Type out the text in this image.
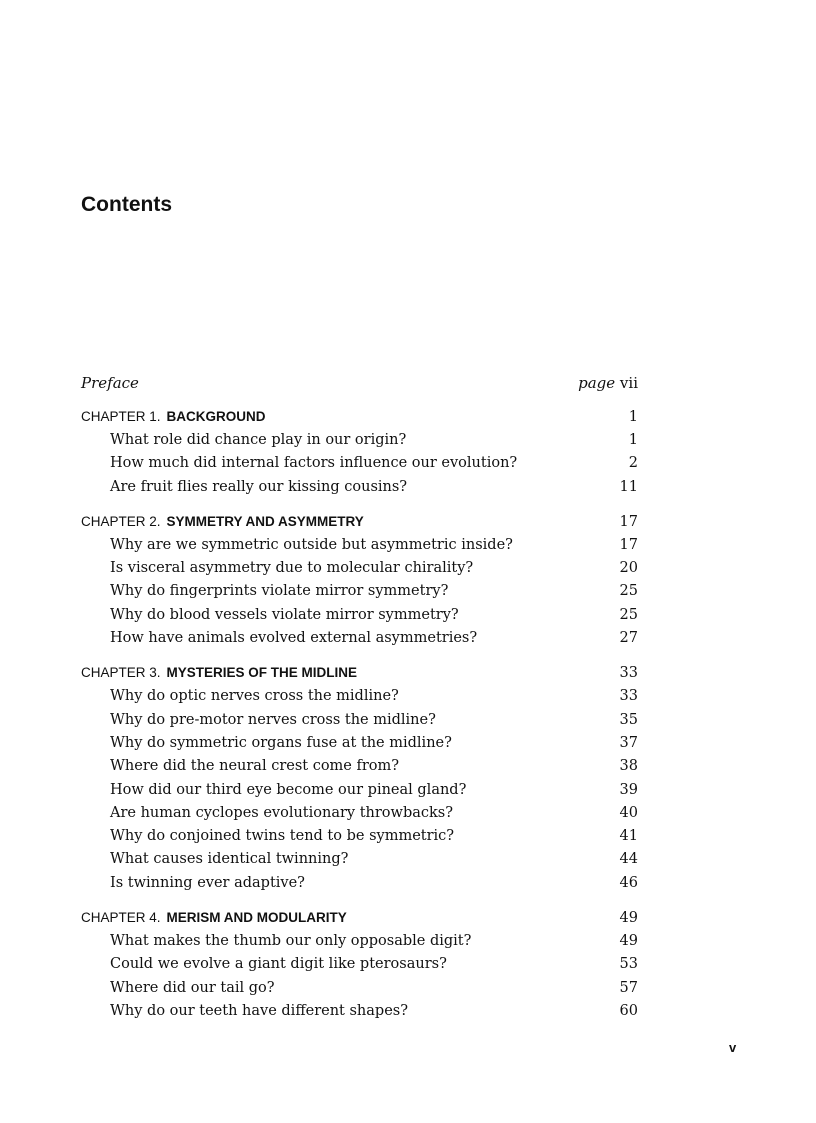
Contents
Preface	page vii
CHAPTER 1. BACKGROUND	1
What role did chance play in our origin?	1
How much did internal factors influence our evolution?	2
Are fruit flies really our kissing cousins?	11
CHAPTER 2. SYMMETRY AND ASYMMETRY	17
Why are we symmetric outside but asymmetric inside?	17
Is visceral asymmetry due to molecular chirality?	20
Why do fingerprints violate mirror symmetry?	25
Why do blood vessels violate mirror symmetry?	25
How have animals evolved external asymmetries?	27
CHAPTER 3. MYSTERIES OF THE MIDLINE	33
Why do optic nerves cross the midline?	33
Why do pre-motor nerves cross the midline?	35
Why do symmetric organs fuse at the midline?	37
Where did the neural crest come from?	38
How did our third eye become our pineal gland?	39
Are human cyclopes evolutionary throwbacks?	40
Why do conjoined twins tend to be symmetric?	41
What causes identical twinning?	44
Is twinning ever adaptive?	46
CHAPTER 4. MERISM AND MODULARITY	49
What makes the thumb our only opposable digit?	49
Could we evolve a giant digit like pterosaurs?	53
Where did our tail go?	57
Why do our teeth have different shapes?	60
v
